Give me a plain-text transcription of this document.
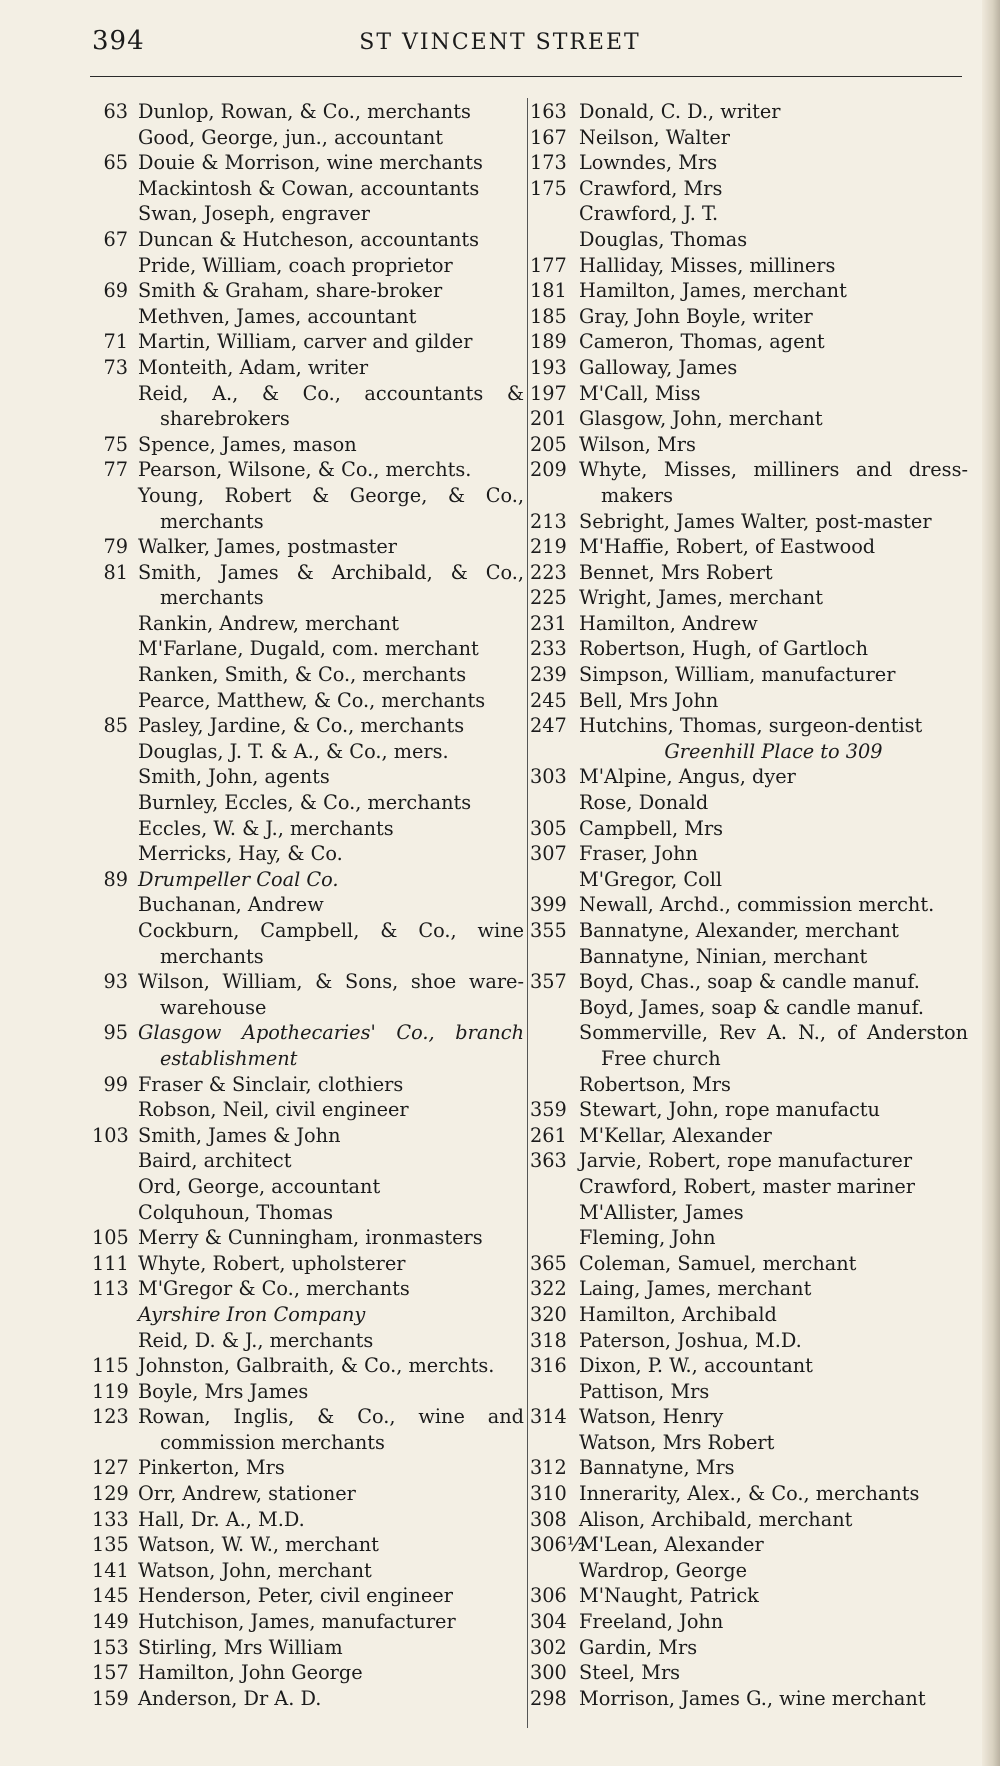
394	ST VINCENT STREET
63 Dunlop, Rowan, & Co., merchants
Good, George, jun., accountant
65 Douie & Morrison, wine merchants
Mackintosh & Cowan, accountants
Swan, Joseph, engraver
67 Duncan & Hutcheson, accountants
Pride, William, coach proprietor
69 Smith & Graham, share-broker
Methven, James, accountant
71 Martin, William, carver and gilder
73 Monteith, Adam, writer
Reid, A., & Co., accountants & sharebrokers
75 Spence, James, mason
77 Pearson, Wilsone, & Co., merchts.
Young, Robert & George, & Co., merchants
79 Walker, James, postmaster
81 Smith, James & Archibald, & Co., merchants
Rankin, Andrew, merchant
M'Farlane, Dugald, com. merchant
Ranken, Smith, & Co., merchants
Pearce, Matthew, & Co., merchants
85 Pasley, Jardine, & Co., merchants
Douglas, J. T. & A., & Co., mers.
Smith, John, agents
Burnley, Eccles, & Co., merchants
Eccles, W. & J., merchants
Merricks, Hay, & Co.
89 Drumpeller Coal Co.
Buchanan, Andrew
Cockburn, Campbell, & Co., wine merchants
93 Wilson, William, & Sons, shoe ware-warehouse
95 Glasgow Apothecaries' Co., branch establishment
99 Fraser & Sinclair, clothiers
Robson, Neil, civil engineer
103 Smith, James & John
Baird, architect
Ord, George, accountant
Colquhoun, Thomas
105 Merry & Cunningham, ironmasters
111 Whyte, Robert, upholsterer
113 M'Gregor & Co., merchants
Ayrshire Iron Company
Reid, D. & J., merchants
115 Johnston, Galbraith, & Co., merchts.
119 Boyle, Mrs James
123 Rowan, Inglis, & Co., wine and commission merchants
127 Pinkerton, Mrs
129 Orr, Andrew, stationer
133 Hall, Dr. A., M.D.
135 Watson, W. W., merchant
141 Watson, John, merchant
145 Henderson, Peter, civil engineer
149 Hutchison, James, manufacturer
153 Stirling, Mrs William
157 Hamilton, John George
159 Anderson, Dr A. D.
163 Donald, C. D., writer
167 Neilson, Walter
173 Lowndes, Mrs
175 Crawford, Mrs
Crawford, J. T.
Douglas, Thomas
177 Halliday, Misses, milliners
181 Hamilton, James, merchant
185 Gray, John Boyle, writer
189 Cameron, Thomas, agent
193 Galloway, James
197 M'Call, Miss
201 Glasgow, John, merchant
205 Wilson, Mrs
209 Whyte, Misses, milliners and dress-makers
213 Sebright, James Walter, post-master
219 M'Haffie, Robert, of Eastwood
223 Bennet, Mrs Robert
225 Wright, James, merchant
231 Hamilton, Andrew
233 Robertson, Hugh, of Gartloch
239 Simpson, William, manufacturer
245 Bell, Mrs John
247 Hutchins, Thomas, surgeon-dentist
Greenhill Place to 309
303 M'Alpine, Angus, dyer
Rose, Donald
305 Campbell, Mrs
307 Fraser, John
M'Gregor, Coll
399 Newall, Archd., commission mercht.
355 Bannatyne, Alexander, merchant
Bannatyne, Ninian, merchant
357 Boyd, Chas., soap & candle manuf.
Boyd, James, soap & candle manuf.
Sommerville, Rev A. N., of Anderston Free church
Robertson, Mrs
359 Stewart, John, rope manufactu
261 M'Kellar, Alexander
363 Jarvie, Robert, rope manufacturer
Crawford, Robert, master mariner
M'Allister, James
Fleming, John
365 Coleman, Samuel, merchant
322 Laing, James, merchant
320 Hamilton, Archibald
318 Paterson, Joshua, M.D.
316 Dixon, P. W., accountant
Pattison, Mrs
314 Watson, Henry
Watson, Mrs Robert
312 Bannatyne, Mrs
310 Innerarity, Alex., & Co., merchants
308 Alison, Archibald, merchant
306½
M'Lean, Alexander
Wardrop, George
306 M'Naught, Patrick
304 Freeland, John
302 Gardin, Mrs
300 Steel, Mrs
298 Morrison, James G., wine merchant
